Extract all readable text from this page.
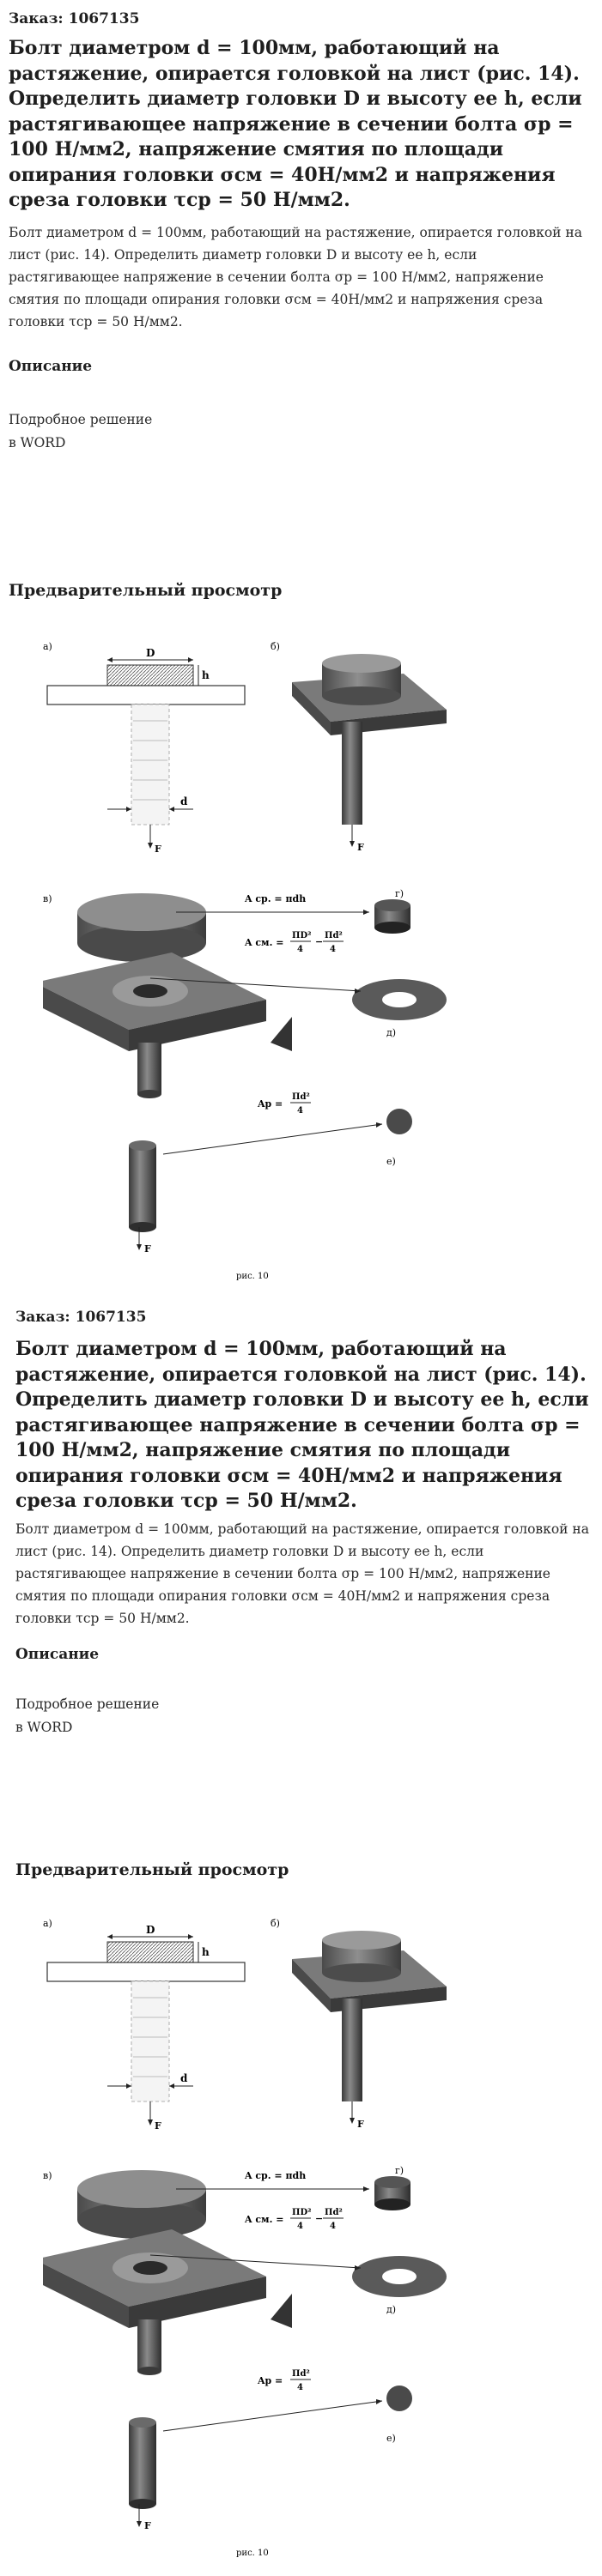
Заказ: 1067135
Болт диаметром d = 100мм, работающий на растяжение, опирается головкой на лист (рис. 14). Определить диаметр головки D и высоту ее h, если растягивающее напряжение в сечении болта σр = 100 Н/мм2, напряжение смятия по площади опирания головки σсм = 40Н/мм2 и напряжения среза головки τср = 50 Н/мм2.

Болт диаметром d = 100мм, работающий на растяжение, опирается головкой на лист (рис. 14). Определить диаметр головки D и высоту ее h, если растягивающее напряжение в сечении болта σр = 100 Н/мм2, напряжение смятия по площади опирания головки σсм = 40Н/мм2 и напряжения среза головки τср = 50 Н/мм2.

Описание
Подробное решение
в WORD
Предварительный просмотр
а)
D
h
d
F
б)
F
в)
F
г)
д)
е)
A ср. = πdh
A см. =
ΠD²
4
−
Πd²
4
Ap =
Πd²
4
рис. 10
Заказ: 1067135
Болт диаметром d = 100мм, работающий на растяжение, опирается головкой на лист (рис. 14). Определить диаметр головки D и высоту ее h, если растягивающее напряжение в сечении болта σр = 100 Н/мм2, напряжение смятия по площади опирания головки σсм = 40Н/мм2 и напряжения среза головки τср = 50 Н/мм2.

Болт диаметром d = 100мм, работающий на растяжение, опирается головкой на лист (рис. 14). Определить диаметр головки D и высоту ее h, если растягивающее напряжение в сечении болта σр = 100 Н/мм2, напряжение смятия по площади опирания головки σсм = 40Н/мм2 и напряжения среза головки τср = 50 Н/мм2.

Описание
Подробное решение
в WORD
Предварительный просмотр
а)
D
h
d
F
б)
F
в)
F
г)
д)
е)
A ср. = πdh
A см. =
ΠD²
4
−
Πd²
4
Ap =
Πd²
4
рис. 10
